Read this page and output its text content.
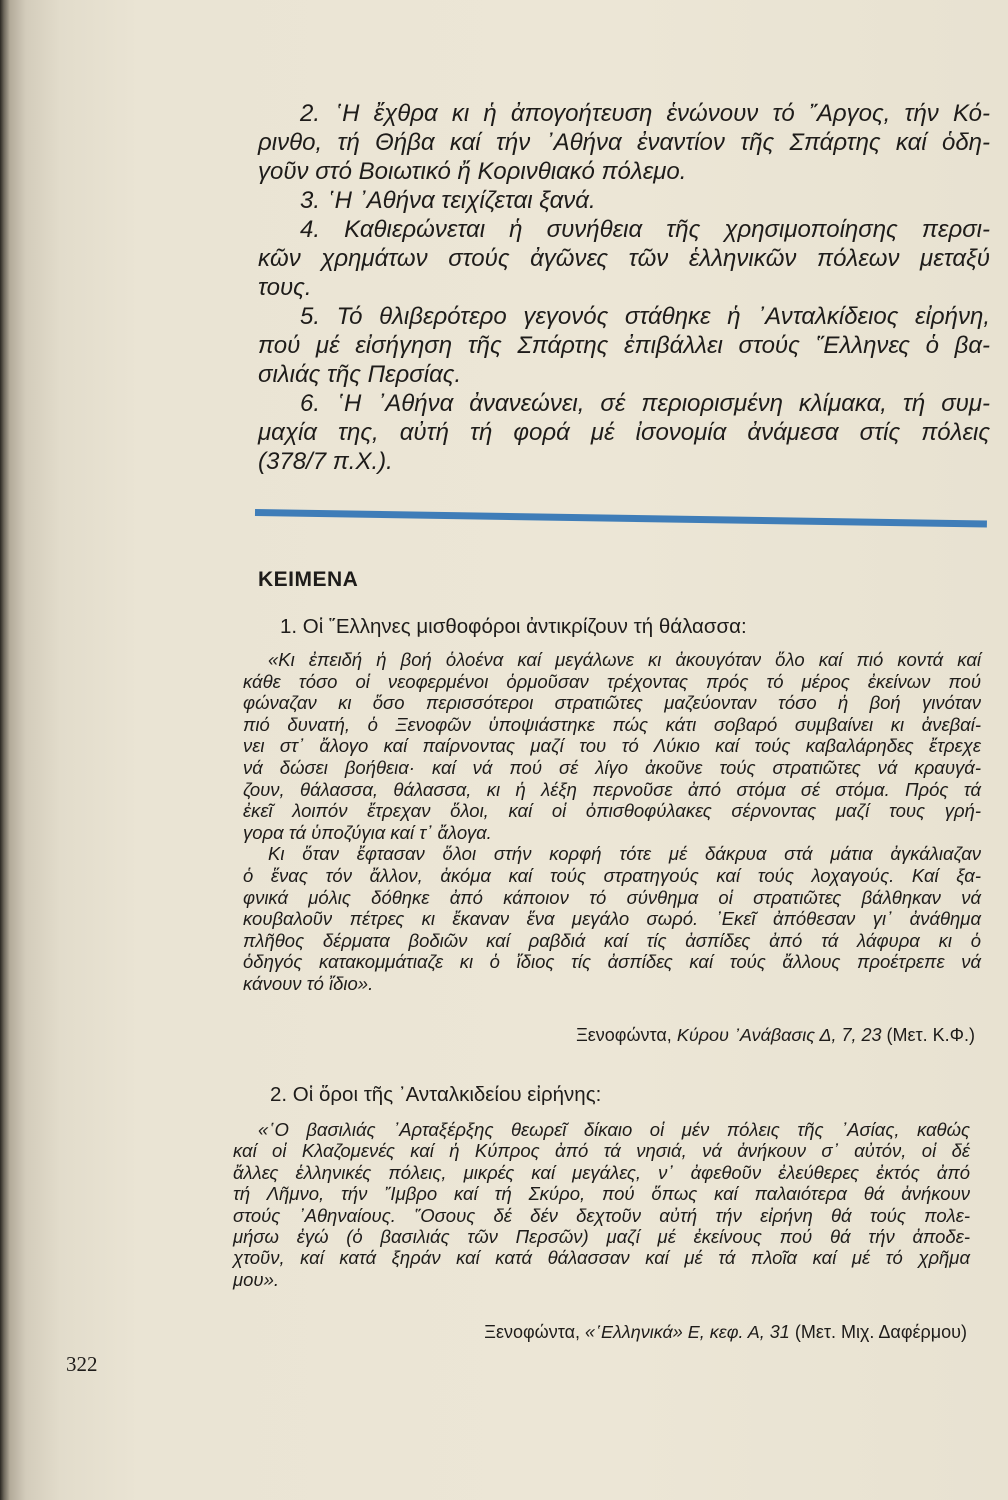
2. ῾Η ἔχθρα κι ἡ ἀπογοήτευση ἑνώνουν τό ῎Αργος, τήν Κό-
ρινθο, τή Θήβα καί τήν ᾿Αθήνα ἐναντίον τῆς Σπάρτης καί ὁδη-
γοῦν στό Βοιωτικό ἤ Κορινθιακό πόλεμο.
3. ῾Η ᾿Αθήνα τειχίζεται ξανά.
4. Καθιερώνεται ἡ συνήθεια τῆς χρησιμοποίησης περσι-
κῶν χρημάτων στούς ἀγῶνες τῶν ἑλληνικῶν πόλεων μεταξύ
τους.
5. Τό θλιβερότερο γεγονός στάθηκε ἡ ᾿Ανταλκίδειος εἰρήνη,
πού μέ εἰσήγηση τῆς Σπάρτης ἐπιβάλλει στούς ῞Ελληνες ὁ βα-
σιλιάς τῆς Περσίας.
6. ῾Η ᾿Αθήνα ἀνανεώνει, σέ περιορισμένη κλίμακα, τή συμ-
μαχία της, αὐτή τή φορά μέ ἰσονομία ἀνάμεσα στίς πόλεις
(378/7 π.Χ.).
ΚΕΙΜΕΝΑ
1. Οἱ ῞Ελληνες μισθοφόροι ἀντικρίζουν τή θάλασσα:
«Κι ἐπειδή ἡ βοή ὁλοένα καί μεγάλωνε κι ἀκουγόταν ὅλο καί πιό κοντά καί
κάθε τόσο οἱ νεοφερμένοι ὁρμοῦσαν τρέχοντας πρός τό μέρος ἐκείνων πού
φώναζαν κι ὅσο περισσότεροι στρατιῶτες μαζεύονταν τόσο ἡ βοή γινόταν
πιό δυνατή, ὁ Ξενοφῶν ὑποψιάστηκε πώς κάτι σοβαρό συμβαίνει κι ἀνεβαί-
νει στ᾿ ἄλογο καί παίρνοντας μαζί του τό Λύκιο καί τούς καβαλάρηδες ἔτρεχε
νά δώσει βοήθεια· καί νά πού σέ λίγο ἀκοῦνε τούς στρατιῶτες νά κραυγά-
ζουν, θάλασσα, θάλασσα, κι ἡ λέξη περνοῦσε ἀπό στόμα σέ στόμα. Πρός τά
ἐκεῖ λοιπόν ἔτρεχαν ὅλοι, καί οἱ ὀπισθοφύλακες σέρνοντας μαζί τους γρή-
γορα τά ὑποζύγια καί τ᾿ ἄλογα.
Κι ὅταν ἔφτασαν ὅλοι στήν κορφή τότε μέ δάκρυα στά μάτια ἀγκάλιαζαν
ὁ ἕνας τόν ἄλλον, ἀκόμα καί τούς στρατηγούς καί τούς λοχαγούς. Καί ξα-
φνικά μόλις δόθηκε ἀπό κάποιον τό σύνθημα οἱ στρατιῶτες βάλθηκαν νά
κουβαλοῦν πέτρες κι ἔκαναν ἕνα μεγάλο σωρό. ᾿Εκεῖ ἀπόθεσαν γι᾿ ἀνάθημα
πλῆθος δέρματα βοδιῶν καί ραβδιά καί τίς ἀσπίδες ἀπό τά λάφυρα κι ὁ
ὁδηγός κατακομμάτιαζε κι ὁ ἴδιος τίς ἀσπίδες καί τούς ἄλλους προέτρεπε νά
κάνουν τό ἴδιο».
Ξενοφώντα, Κύρου ᾿Ανάβασις Δ, 7, 23 (Μετ. Κ.Φ.)
2. Οἱ ὅροι τῆς ᾿Ανταλκιδείου εἰρήνης:
«῾Ο βασιλιάς ᾿Αρταξέρξης θεωρεῖ δίκαιο οἱ μέν πόλεις τῆς ᾿Ασίας, καθώς
καί οἱ Κλαζομενές καί ἡ Κύπρος ἀπό τά νησιά, νά ἀνήκουν σ᾿ αὐτόν, οἱ δέ
ἄλλες ἑλληνικές πόλεις, μικρές καί μεγάλες, ν᾿ ἀφεθοῦν ἐλεύθερες ἐκτός ἀπό
τή Λῆμνο, τήν ῎Ιμβρο καί τή Σκύρο, πού ὅπως καί παλαιότερα θά ἀνήκουν
στούς ᾿Αθηναίους. ῞Οσους δέ δέν δεχτοῦν αὐτή τήν εἰρήνη θά τούς πολε-
μήσω ἐγώ (ὁ βασιλιάς τῶν Περσῶν) μαζί μέ ἐκείνους πού θά τήν ἀποδε-
χτοῦν, καί κατά ξηράν καί κατά θάλασσαν καί μέ τά πλοῖα καί μέ τό χρῆμα
μου».
Ξενοφώντα, «῾Ελληνικά» Ε, κεφ. Α, 31 (Μετ. Μιχ. Δαφέρμου)
322
